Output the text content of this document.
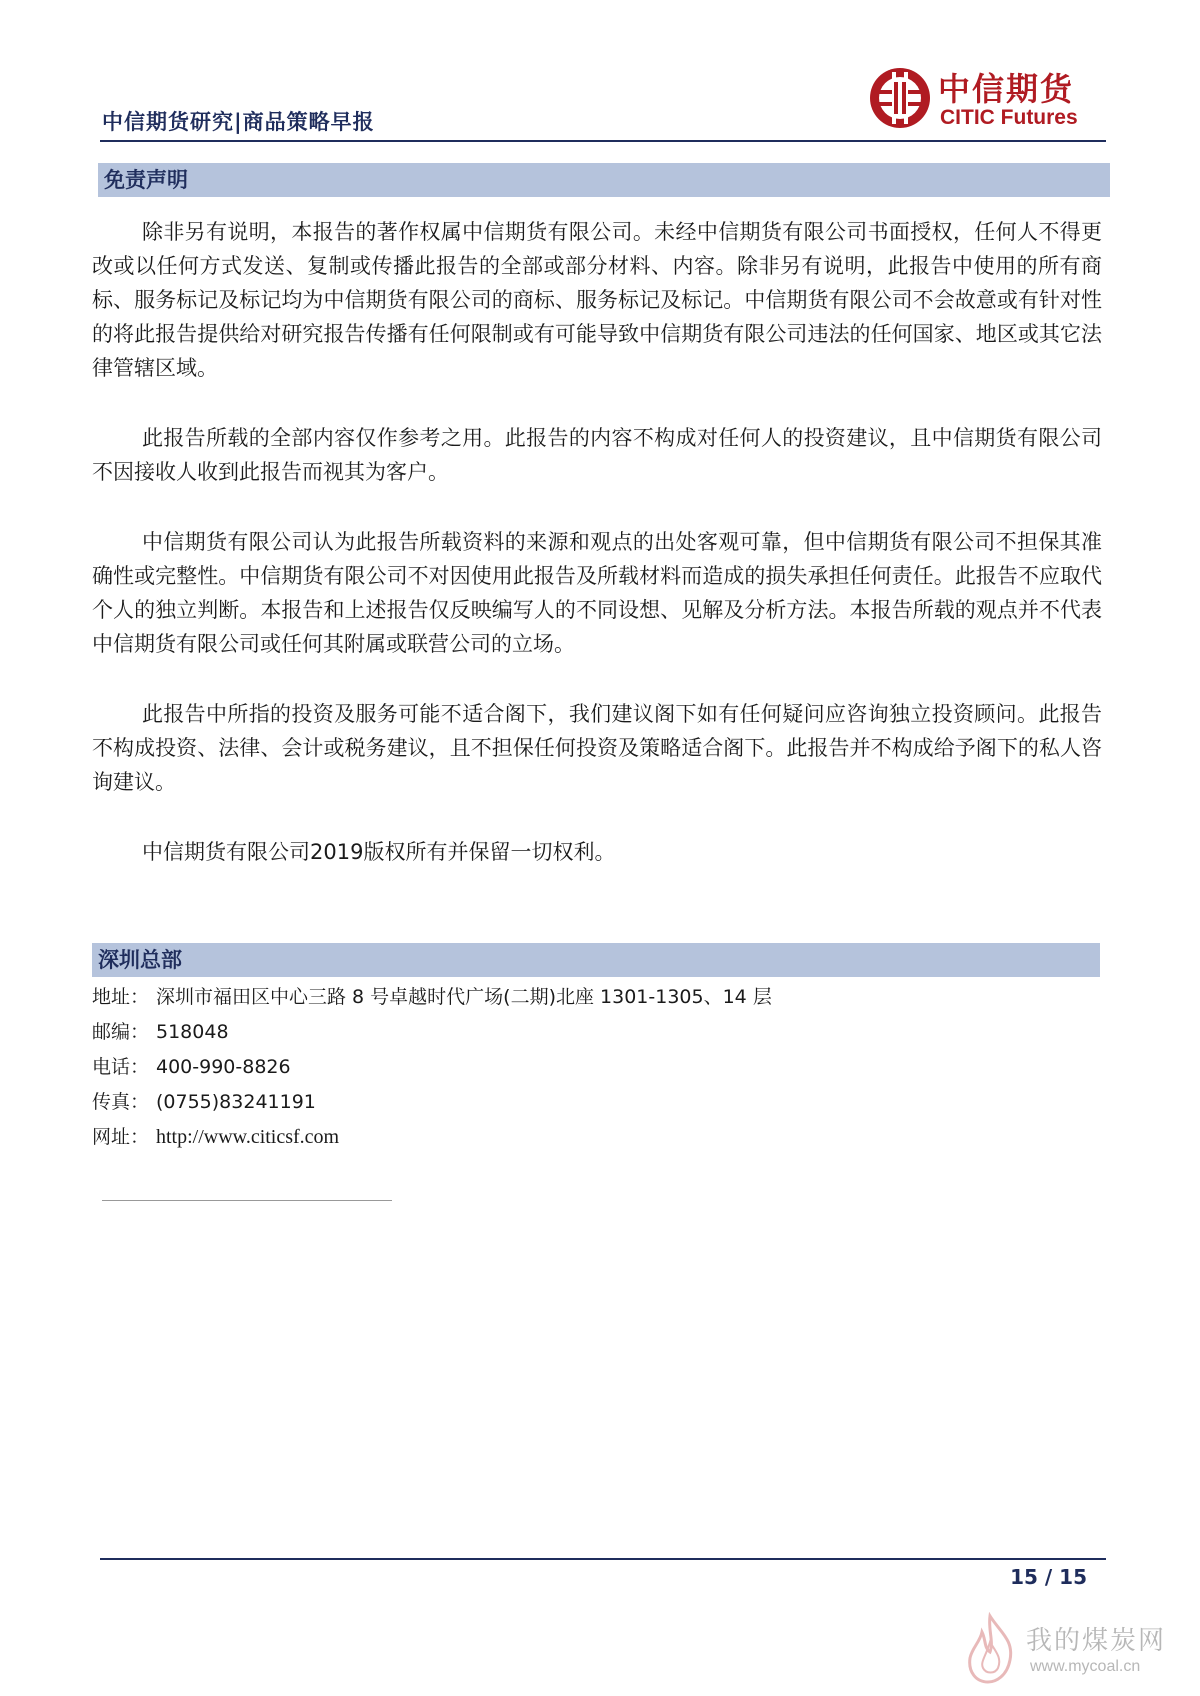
中信期货研究|商品策略早报
中信期货
CITIC Futures
免责声明

除非另有说明，本报告的著作权属中信期货有限公司。未经中信期货有限公司书面授权，任何人不得更改或以任何方式发送、复制或传播此报告的全部或部分材料、内容。除非另有说明，此报告中使用的所有商标、服务标记及标记均为中信期货有限公司的商标、服务标记及标记。中信期货有限公司不会故意或有针对性的将此报告提供给对研究报告传播有任何限制或有可能导致中信期货有限公司违法的任何国家、地区或其它法律管辖区域。

此报告所载的全部内容仅作参考之用。此报告的内容不构成对任何人的投资建议，且中信期货有限公司不因接收人收到此报告而视其为客户。

中信期货有限公司认为此报告所载资料的来源和观点的出处客观可靠，但中信期货有限公司不担保其准确性或完整性。中信期货有限公司不对因使用此报告及所载材料而造成的损失承担任何责任。此报告不应取代个人的独立判断。本报告和上述报告仅反映编写人的不同设想、见解及分析方法。本报告所载的观点并不代表中信期货有限公司或任何其附属或联营公司的立场。

此报告中所指的投资及服务可能不适合阁下，我们建议阁下如有任何疑问应咨询独立投资顾问。此报告不构成投资、法律、会计或税务建议，且不担保任何投资及策略适合阁下。此报告并不构成给予阁下的私人咨询建议。

中信期货有限公司2019版权所有并保留一切权利。

深圳总部
地址： 深圳市福田区中心三路 8 号卓越时代广场(二期)北座 1301-1305、14 层
邮编： 518048
电话： 400-990-8826
传真： (0755)83241191
网址： http://www.citicsf.com
15 / 15
我的煤炭网
www.mycoal.cn
